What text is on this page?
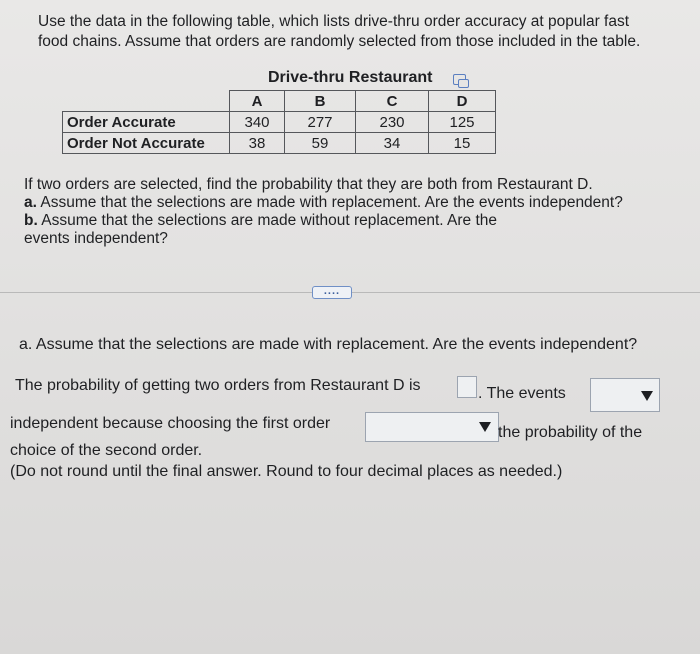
Use the data in the following table, which lists drive-thru order accuracy at popular fast

food chains. Assume that orders are randomly selected from those included in the table.

Drive-thru Restaurant
	A	B	C	D
Order Accurate	340	277	230	125
Order Not Accurate	38	59	34	15

If two orders are selected, find the probability that they are both from Restaurant D.

a. Assume that the selections are made with replacement. Are the events independent?

b. Assume that the selections are made without replacement. Are the

events independent?

....
a. Assume that the selections are made with replacement. Are the events independent?
The probability of getting two orders from Restaurant D is	. The events
independent because choosing the first order
the probability of the
choice of the second order.
(Do not round until the final answer. Round to four decimal places as needed.)
